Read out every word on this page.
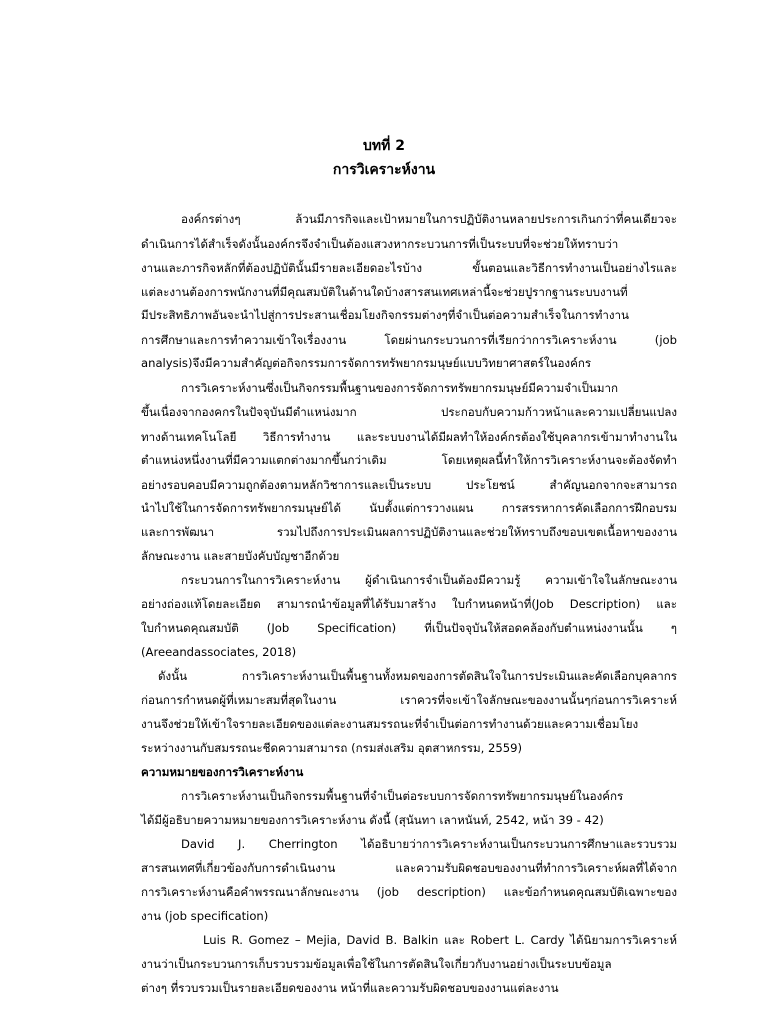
บทที่ 2
การวิเคราะห์งาน
องค์กรต่างๆ ล้วนมีภารกิจและเป้าหมายในการปฏิบัติงานหลายประการเกินกว่าที่คนเดียวจะ
ดำเนินการได้สำเร็จดังนั้นองค์กรจึงจำเป็นต้องแสวงหากระบวนการที่เป็นระบบที่จะช่วยให้ทราบว่า
งานและภารกิจหลักที่ต้องปฏิบัตินั้นมีรายละเอียดอะไรบ้าง ขั้นตอนและวิธีการทำงานเป็นอย่างไรและ
แต่ละงานต้องการพนักงานที่มีคุณสมบัติในด้านใดบ้างสารสนเทศเหล่านี้จะช่วยปูรากฐานระบบงานที่
มีประสิทธิภาพอันจะนำไปสู่การประสานเชื่อมโยงกิจกรรมต่างๆที่จำเป็นต่อความสำเร็จในการทำงาน
การศึกษาและการทำความเข้าใจเรื่องงาน โดยผ่านกระบวนการที่เรียกว่าการวิเคราะห์งาน (job
analysis)จึงมีความสำคัญต่อกิจกรรมการจัดการทรัพยากรมนุษย์แบบวิทยาศาสตร์ในองค์กร
การวิเคราะห์งานซึ่งเป็นกิจกรรมพื้นฐานของการจัดการทรัพยากรมนุษย์มีความจำเป็นมาก
ขึ้นเนื่องจากองคกรในปัจจุบันมีตำแหน่งมาก ประกอบกับความก้าวหน้าและความเปลี่ยนแปลง
ทางด้านเทคโนโลยี วิธีการทำงาน และระบบงานได้มีผลทำให้องค์กรต้องใช้บุคลากรเข้ามาทำงานใน
ตำแหน่งหนึ่งงานที่มีความแตกต่างมากขึ้นกว่าเดิม โดยเหตุผลนี้ทำให้การวิเคราะห์งานจะต้องจัดทำ
อย่างรอบคอบมีความถูกต้องตามหลักวิชาการและเป็นระบบ ประโยชน์ สำคัญนอกจากจะสามารถ
นำไปใช้ในการจัดการทรัพยากรมนุษย์ได้ นับตั้งแต่การวางแผน การสรรหาการคัดเลือกการฝึกอบรม
และการพัฒนา รวมไปถึงการประเมินผลการปฏิบัติงานและช่วยให้ทราบถึงขอบเขตเนื้อหาของงาน
ลักษณะงาน และสายบังคับบัญชาอีกด้วย
กระบวนการในการวิเคราะห์งาน ผู้ดำเนินการจำเป็นต้องมีความรู้ ความเข้าใจในลักษณะงาน
อย่างถ่องแท้โดยละเอียด สามารถนำข้อมูลที่ได้รับมาสร้าง ใบกำหนดหน้าที่(Job Description) และ
ใบกำหนดคุณสมบัติ (Job Specification) ที่เป็นปัจจุบันให้สอดคล้องกับตำแหน่งงานนั้น ๆ
(Areeandassociates, 2018)
ดังนั้น การวิเคราะห์งานเป็นพื้นฐานทั้งหมดของการตัดสินใจในการประเมินและคัดเลือกบุคลากร
ก่อนการกำหนดผู้ที่เหมาะสมที่สุดในงาน เราควรที่จะเข้าใจลักษณะของงานนั้นๆก่อนการวิเคราะห์
งานจึงช่วยให้เข้าใจรายละเอียดของแต่ละงานสมรรถนะที่จำเป็นต่อการทำงานด้วยและความเชื่อมโยง
ระหว่างงานกับสมรรถนะชีดความสามารถ (กรมส่งเสริม อุตสาหกรรม, 2559)
ความหมายของการวิเคราะห์งาน
การวิเคราะห์งานเป็นกิจกรรมพื้นฐานที่จำเป็นต่อระบบการจัดการทรัพยากรมนุษย์ในองค์กร
ได้มีผู้อธิบายความหมายของการวิเคราะห์งาน ดังนี้ (สุนันทา เลาหนันท์, 2542, หน้า 39 - 42)
David J. Cherrington ได้อธิบายว่าการวิเคราะห์งานเป็นกระบวนการศึกษาและรวบรวม
สารสนเทศที่เกี่ยวข้องกับการดำเนินงาน และความรับผิดชอบของงานที่ทำการวิเคราะห์ผลที่ได้จาก
การวิเคราะห์งานคือคำพรรณนาลักษณะงาน (job description) และข้อกำหนดคุณสมบัติเฉพาะของ
งาน (job specification)
Luis R. Gomez – Mejia, David B. Balkin และ Robert L. Cardy ได้นิยามการวิเคราะห์
งานว่าเป็นกระบวนการเก็บรวบรวมข้อมูลเพื่อใช้ในการตัดสินใจเกี่ยวกับงานอย่างเป็นระบบข้อมูล
ต่างๆ ที่รวบรวมเป็นรายละเอียดของงาน หน้าที่และความรับผิดชอบของงานแต่ละงาน
